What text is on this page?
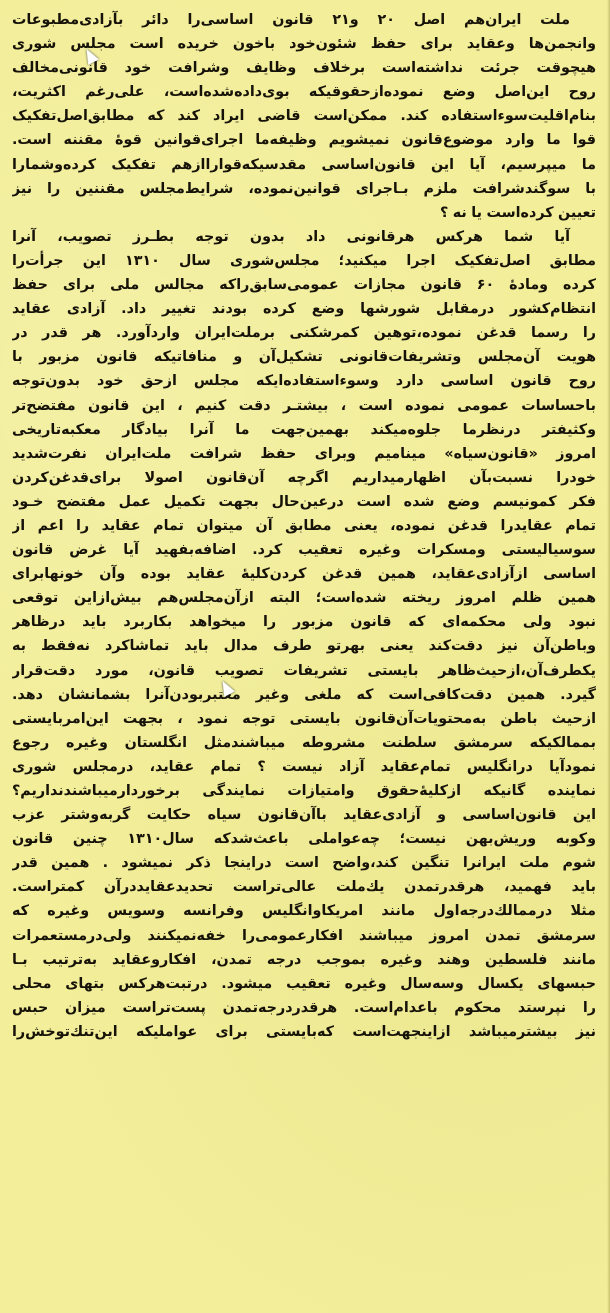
ملت ایران‌هم اصل ۲۰ و۲۱ قانون اساسی‌را دائر بآزادی‌مطبوعات
وانجمن‌ها وعقاید برای حفظ شئون‌خود باخون خریده است مجلس شوری
هیچوقت جرئت نداشته‌است برخلاف وظایف وشرافت خود قانونی‌مخالف
روح این‌اصل وضع نموده‌ازحقوقیکه بوی‌داده‌شده‌است، علی‌رغم اکثریت،
بنام‌اقلیت‌سوء‌استفاده کند. ممکن‌است قاضی ایراد کند که مطابق‌اصل‌تفکیک
قوا ما وارد موضوع‌قانون نمیشویم وظیفه‌ما اجرای‌قوانین قوهٔ مقننه است.
ما میپرسیم، آیا این قانون‌اساسی مقدسیکه‌قوا‌راازهم تفکیک کرده‌وشمارا
با سوگندشرافت ملزم بـاجرای قوانین‌نموده، شرایط‌مجلس مقننین را نیز
تعیین کرده‌است یا نه ؟
آیا شما هرکس هرقانونی داد بدون توجه بطـرز تصویب، آنرا
مطابق اصل‌تفکیک اجرا میکنید؛ مجلس‌شوری سال ۱۳۱۰ این جرأت‌را
کرده ومادهٔ ۶۰ قانون مجازات عمومی‌سابق‌راکه مجالس ملی برای حفظ
انتظام‌کشور درمقابل شورشها وضع کرده بودند تغییر داد. آزادی عقاید
را رسما قدغن نموده،توهین کمرشکنی برملت‌ایران واردآورد. هر قدر در
هویت آن‌مجلس وتشریفات‌قانونی تشکیل‌آن و منافاتیکه قانون مزبور با
روح قانون اساسی دارد وسوءاستفاده‌ایکه مجلس ازحق خود بدون‌توجه
باحساسات عمومی نموده است ، بیشتـر دقت کنیم ، این قانون مفتضح‌تر
وکثیفتر درنظرما جلوه‌میکند بهمین‌جهت ما آنرا بیادگار معکبه‌تاریخی
امروز «قانون‌سیاه» مینامیم وبرای حفظ شرافت ملت‌ایران نفرت‌شدید
خودرا نسبت‌بآن اظهارمیداریم اگرچه آن‌قانون اصولا برای‌قدغن‌کردن
فکر کمونیسم وضع شده است درعین‌حال بجهت تکمیل عمل مفتضح خـود
تمام عقاید‌را قدغن نموده، یعنی مطابق آن میتوان تمام عقاید را اعم از
سوسیالیستی ومسکرات وغیره تعقیب کرد. اضافه‌بفهید آیا غرض قانون
اساسی ازآزادی‌عقاید، همین قدغن کردن‌کلیهٔ عقاید بوده وآن خونهابرای
همین ظلم امروز ریخته شده‌است؛ البته ازآن‌مجلس‌هم بیش‌ازاین توقعی
نبود ولی محکمه‌ای که قانون مزبور را میخواهد بکاربرد باید درظاهر
وباطن‌آن نیز دقت‌کند یعنی بهرتو طرف مدال باید تماشاکرد نه‌فقط به
یکطرف‌آن،ازحیث‌ظاهر بایستی تشریفات تصویب قانون، مورد دقت‌قرار
گیرد. همین دقت‌کافی‌است که ملغی وغیر معتبربودن‌آنرا بشمانشان دهد.
ازحیث باطن به‌محتویات‌آن‌قانون بایستی توجه نمود ، بجهت این‌امربایستی
بممالکیکه سرمشق سلطنت مشروطه میباشند‌مثل انگلستان وغیره رجوع
نمودآیا درانگلیس تمام‌عقاید آزاد نیست ؟ تمام عقاید، درمجلس شوری
نماینده گانیکه ازکلیهٔ‌حقوق وامتیازات نمایندگی برخوردارمیباشندنداریم؟
این قانون‌اساسی و آزادی‌عقاید باآن‌قانون سیاه حکایت گربه‌وشتر عزب
وکوبه وریش‌بهن نیست؛ چه‌عواملی باعث‌شدکه سال‌۱۳۱۰ چنین قانون
شوم ملت ایرانرا تنگین کند،واضح است دراینجا ذکر نمیشود . همین قدر
باید فهمید، هرقدرتمدن یك‌ملت عالی‌تراست تحدیدعقایددرآن کمتراست.
مثلا درممالك‌درجه‌اول مانند امریکاوانگلیس وفرانسه وسویس وغیره که
سرمشق تمدن امروز میباشند افکارعمومی‌را خفه‌نمیکنند ولی‌درمستعمرات
مانند فلسطین وهند وغیره بموجب درجه تمدن، افکاروعقاید به‌ترتیب بـا
حبسهای یکسال وسه‌سال وغیره تعقیب میشود. درتبت‌هرکس بتهای محلی
را نپرستد محکوم باعدام‌است. هرقدردرجه‌تمدن پست‌تراست میزان حبس
نیز بیشترمیباشد ازاینجهت‌است که‌بایستی برای عواملیکه این‌تنك‌توخش‌را
